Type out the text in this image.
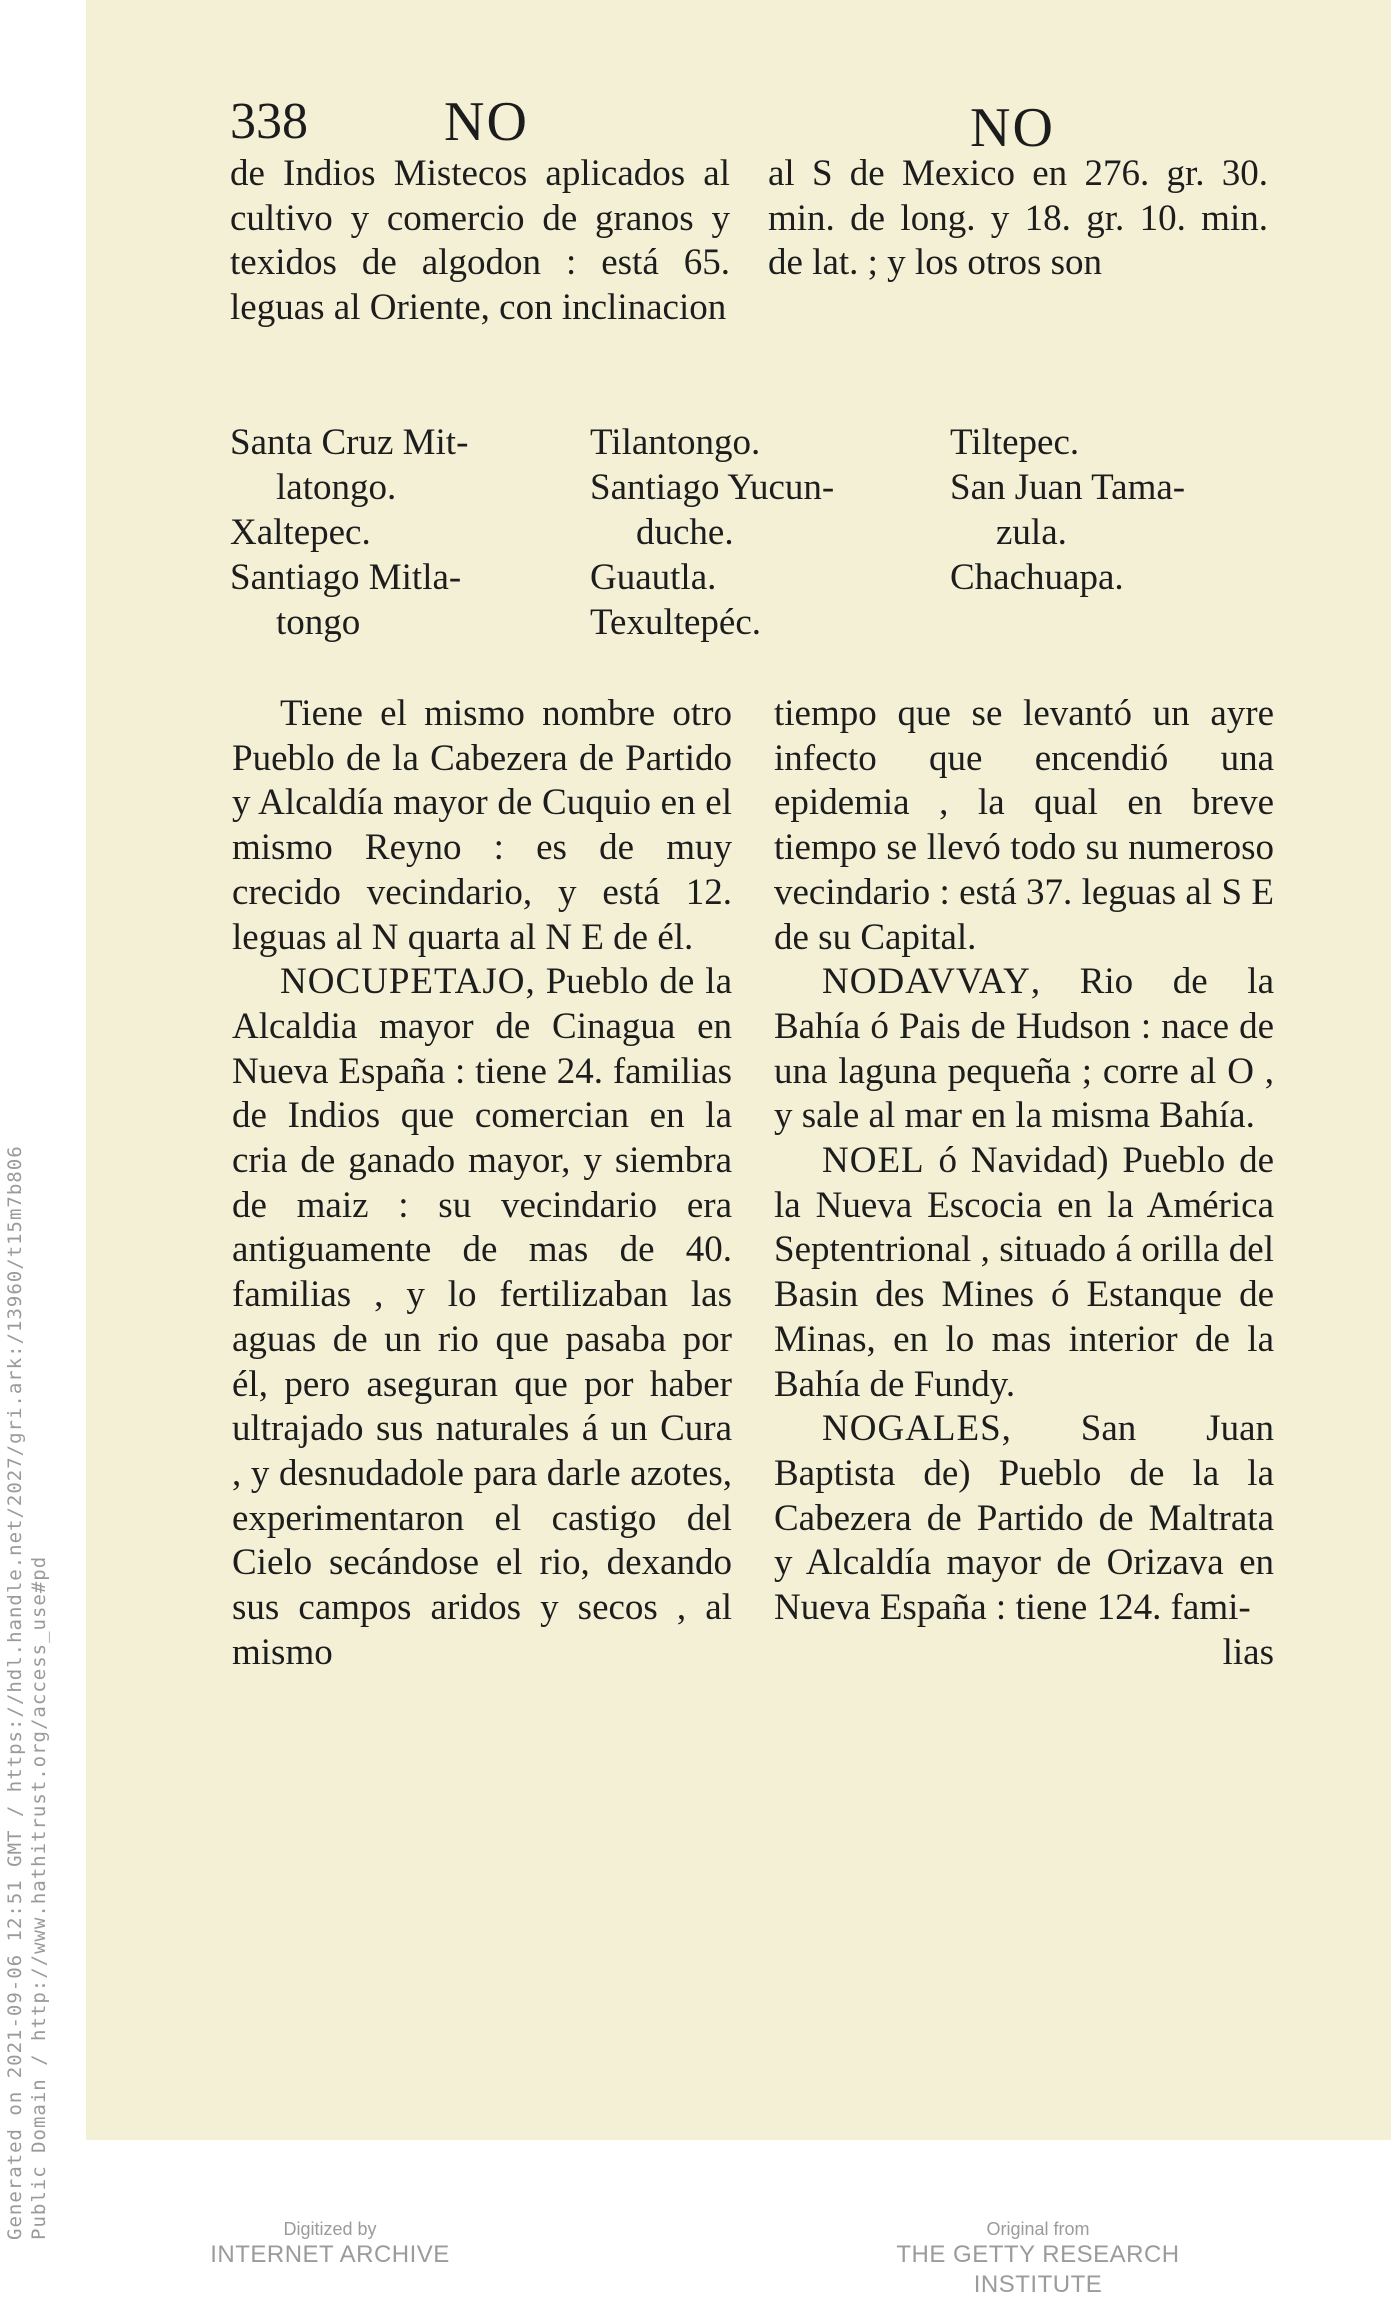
Generated on 2021-09-06 12:51 GMT / https://hdl.handle.net/2027/gri.ark:/13960/t15m7b806 Public Domain / http://www.hathitrust.org/access_use#pd
338 NO	NO

de Indios Mistecos aplicados al cultivo y comercio de granos y texidos de algodon : está 65. leguas al Oriente, con inclinacion

al S de Mexico en 276. gr. 30. min. de long. y 18. gr. 10. min. de lat. ; y los otros son

Santa Cruz Mit-
latongo.
Xaltepec.
Santiago Mitla-
tongo
Tilantongo.
Santiago Yucun-
duche.
Guautla.
Texultepéc.
Tiltepec.
San Juan Tama-
zula.
Chachuapa.

Tiene el mismo nombre otro Pueblo de la Cabezera de Partido y Alcaldía mayor de Cuquio en el mismo Reyno : es de muy crecido vecindario, y está 12. leguas al N quarta al N E de él.

NOCUPETAJO, Pueblo de la Alcaldia mayor de Cinagua en Nueva España : tiene 24. familias de Indios que comercian en la cria de ganado mayor, y siembra de maiz : su vecindario era antiguamente de mas de 40. familias , y lo fertilizaban las aguas de un rio que pasaba por él, pero aseguran que por haber ultrajado sus naturales á un Cura , y desnudadole para darle azotes, experimentaron el castigo del Cielo secándose el rio, dexando sus campos aridos y secos , al mismo

tiempo que se levantó un ayre infecto que encendió una epidemia , la qual en breve tiempo se llevó todo su numeroso vecindario : está 37. leguas al S E de su Capital.

NODAVVAY, Rio de la Bahía ó Pais de Hudson : nace de una laguna pequeña ; corre al O , y sale al mar en la misma Bahía.

NOEL ó Navidad) Pueblo de la Nueva Escocia en la América Septentrional , situado á orilla del Basin des Mines ó Estanque de Minas, en lo mas interior de la Bahía de Fundy.

NOGALES, San Juan Baptista de) Pueblo de la la Cabezera de Partido de Maltrata y Alcaldía mayor de Orizava en Nueva España : tiene 124. fami-

lias

Digitized by
INTERNET ARCHIVE
Original from
THE GETTY RESEARCH INSTITUTE
